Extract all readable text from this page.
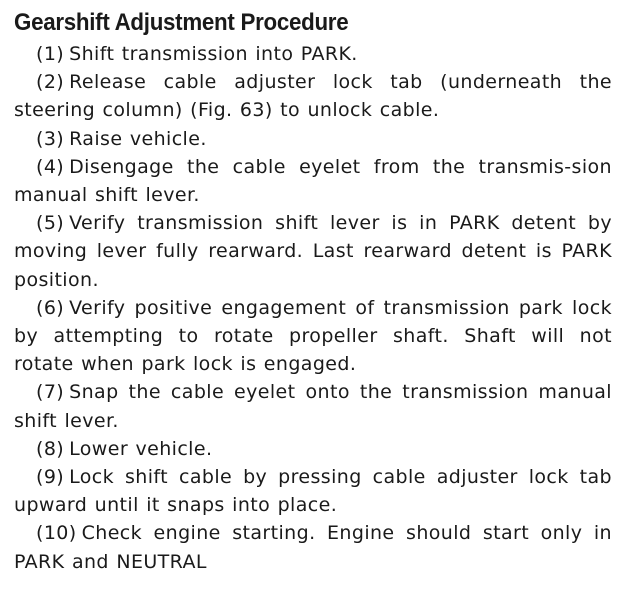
Gearshift Adjustment Procedure

(1) Shift transmission into PARK.

(2) Release cable adjuster lock tab (underneath the steering column) (Fig. 63) to unlock cable.

(3) Raise vehicle.

(4) Disengage the cable eyelet from the transmis-sion manual shift lever.

(5) Verify transmission shift lever is in PARK detent by moving lever fully rearward. Last rearward detent is PARK position.

(6) Verify positive engagement of transmission park lock by attempting to rotate propeller shaft. Shaft will not rotate when park lock is engaged.

(7) Snap the cable eyelet onto the transmission manual shift lever.

(8) Lower vehicle.

(9) Lock shift cable by pressing cable adjuster lock tab upward until it snaps into place.

(10) Check engine starting. Engine should start only in PARK and NEUTRAL
